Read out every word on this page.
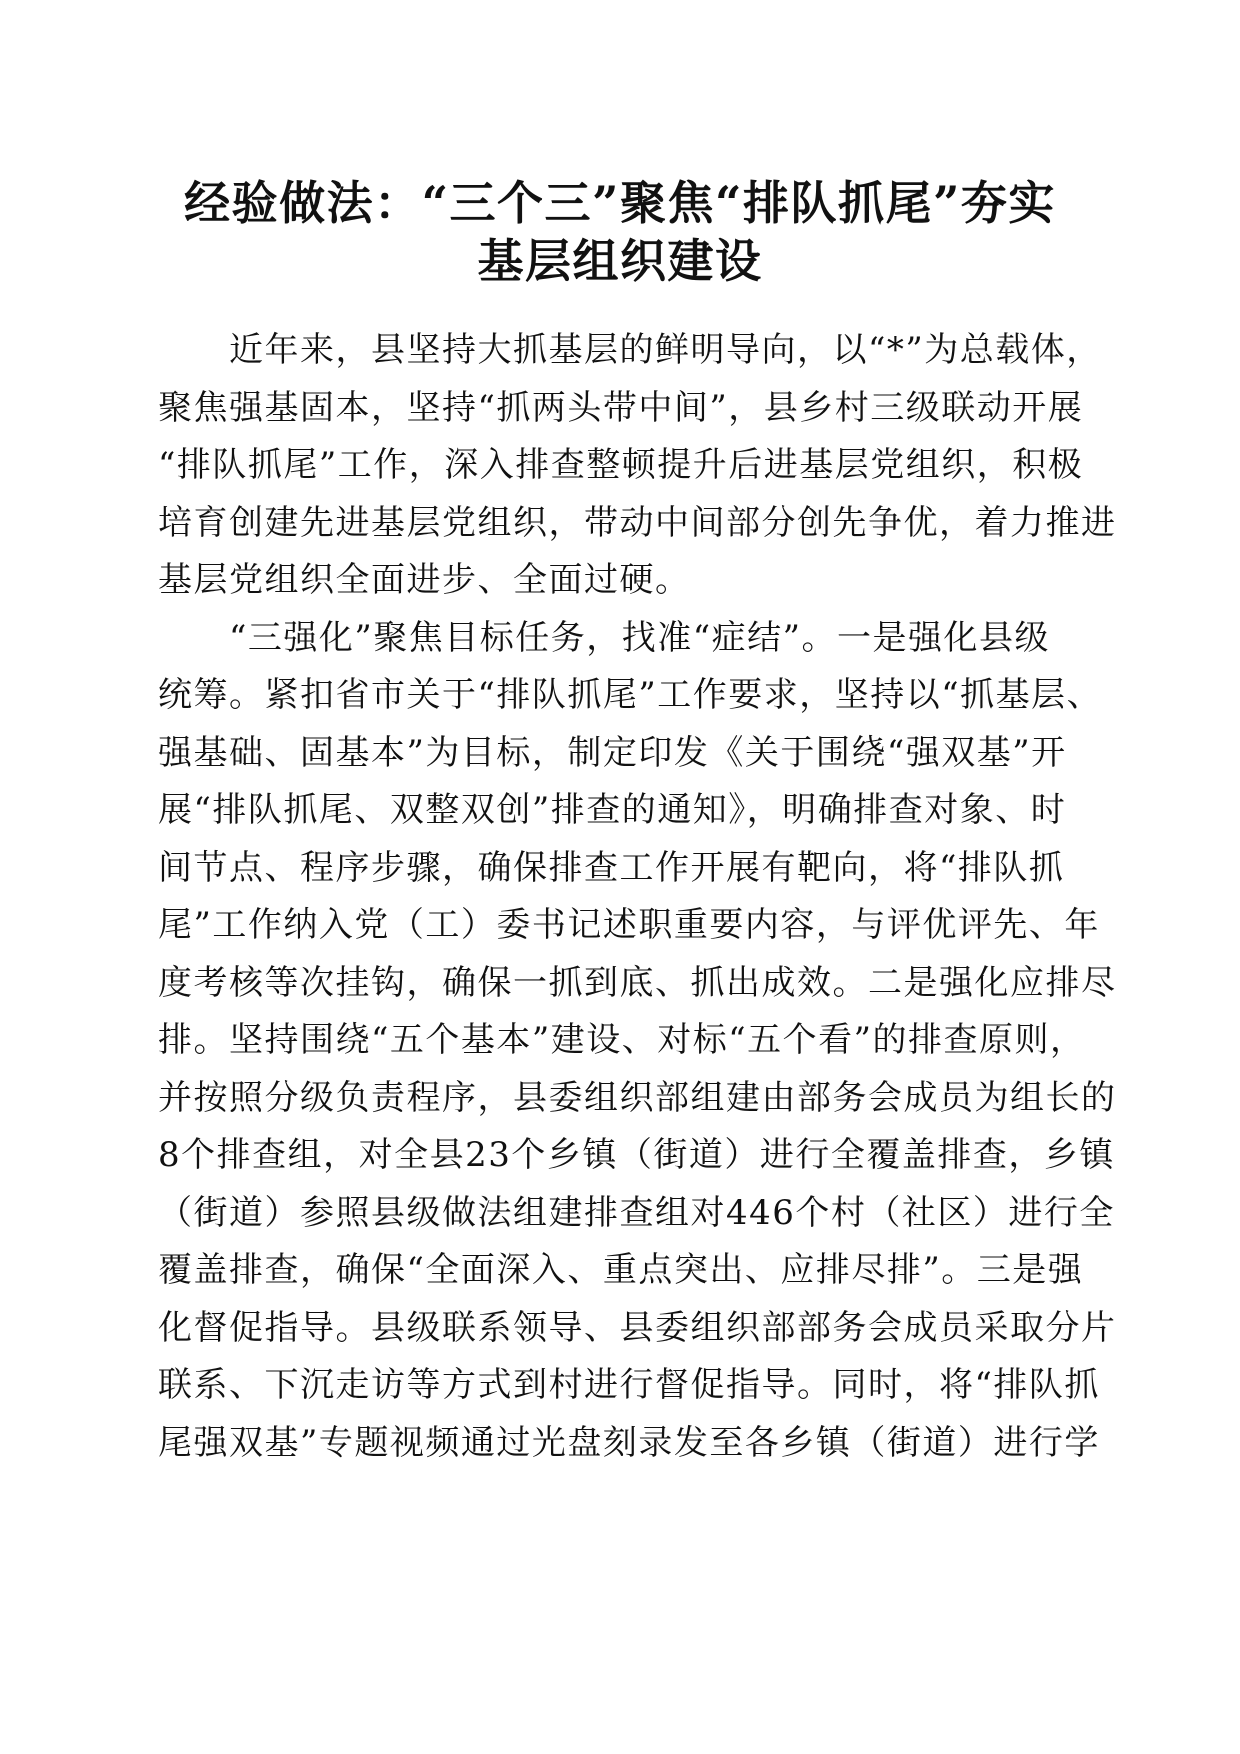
经验做法：“三个三”聚焦“排队抓尾”夯实
基层组织建设
　　近年来，县坚持大抓基层的鲜明导向，以“*”为总载体，
聚焦强基固本，坚持“抓两头带中间”，县乡村三级联动开展
“排队抓尾”工作，深入排查整顿提升后进基层党组织，积极
培育创建先进基层党组织，带动中间部分创先争优，着力推进
基层党组织全面进步、全面过硬。
　　“三强化”聚焦目标任务，找准“症结”。一是强化县级
统筹。紧扣省市关于“排队抓尾”工作要求，坚持以“抓基层、
强基础、固基本”为目标，制定印发《关于围绕“强双基”开
展“排队抓尾、双整双创”排查的通知》，明确排查对象、时
间节点、程序步骤，确保排查工作开展有靶向，将“排队抓
尾”工作纳入党（工）委书记述职重要内容，与评优评先、年
度考核等次挂钩，确保一抓到底、抓出成效。二是强化应排尽
排。坚持围绕“五个基本”建设、对标“五个看”的排查原则，
并按照分级负责程序，县委组织部组建由部务会成员为组长的
8个排查组，对全县23个乡镇（街道）进行全覆盖排查，乡镇
（街道）参照县级做法组建排查组对446个村（社区）进行全
覆盖排查，确保“全面深入、重点突出、应排尽排”。三是强
化督促指导。县级联系领导、县委组织部部务会成员采取分片
联系、下沉走访等方式到村进行督促指导。同时，将“排队抓
尾强双基”专题视频通过光盘刻录发至各乡镇（街道）进行学
